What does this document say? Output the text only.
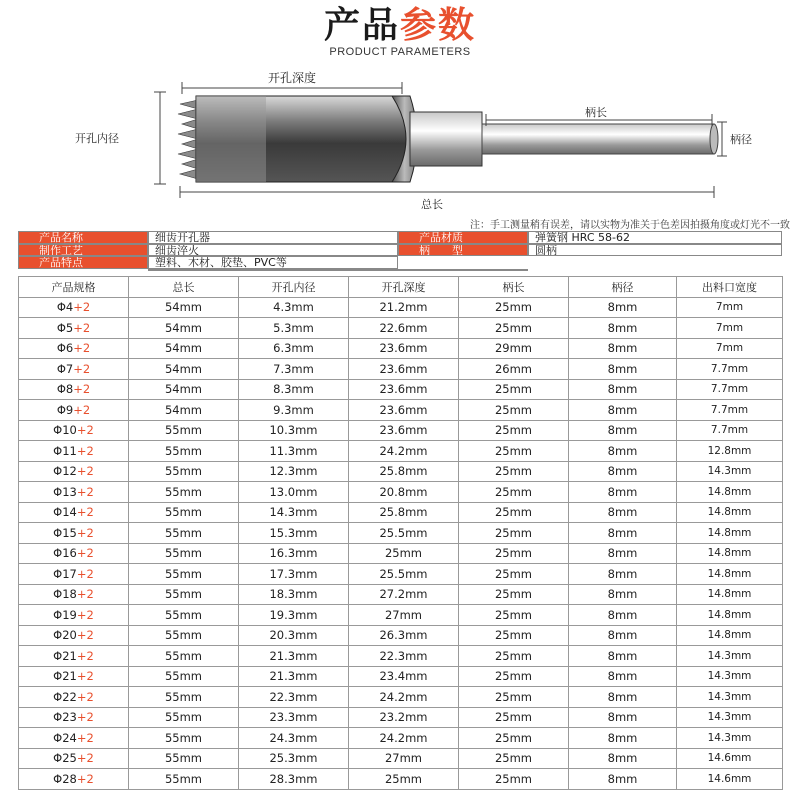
产品参数
PRODUCT PARAMETERS
开孔深度
开孔内径
柄长
柄径
总长
注：手工测量稍有误差，请以实物为准关于色差因拍摄角度或灯光不一致
产品名称	细齿开孔器	产品材质	弹簧钢 HRC 58-62
制作工艺	细齿淬火	柄　　型	圆柄
产品特点	塑料、木材、胶垫、PVC等
产品规格	总长	开孔内径	开孔深度	柄长	柄径	出料口宽度
Φ4+2	54mm	4.3mm	21.2mm	25mm	8mm	7mm
Φ5+2	54mm	5.3mm	22.6mm	25mm	8mm	7mm
Φ6+2	54mm	6.3mm	23.6mm	29mm	8mm	7mm
Φ7+2	54mm	7.3mm	23.6mm	26mm	8mm	7.7mm
Φ8+2	54mm	8.3mm	23.6mm	25mm	8mm	7.7mm
Φ9+2	54mm	9.3mm	23.6mm	25mm	8mm	7.7mm
Φ10+2	55mm	10.3mm	23.6mm	25mm	8mm	7.7mm
Φ11+2	55mm	11.3mm	24.2mm	25mm	8mm	12.8mm
Φ12+2	55mm	12.3mm	25.8mm	25mm	8mm	14.3mm
Φ13+2	55mm	13.0mm	20.8mm	25mm	8mm	14.8mm
Φ14+2	55mm	14.3mm	25.8mm	25mm	8mm	14.8mm
Φ15+2	55mm	15.3mm	25.5mm	25mm	8mm	14.8mm
Φ16+2	55mm	16.3mm	25mm	25mm	8mm	14.8mm
Φ17+2	55mm	17.3mm	25.5mm	25mm	8mm	14.8mm
Φ18+2	55mm	18.3mm	27.2mm	25mm	8mm	14.8mm
Φ19+2	55mm	19.3mm	27mm	25mm	8mm	14.8mm
Φ20+2	55mm	20.3mm	26.3mm	25mm	8mm	14.8mm
Φ21+2	55mm	21.3mm	22.3mm	25mm	8mm	14.3mm
Φ21+2	55mm	21.3mm	23.4mm	25mm	8mm	14.3mm
Φ22+2	55mm	22.3mm	24.2mm	25mm	8mm	14.3mm
Φ23+2	55mm	23.3mm	23.2mm	25mm	8mm	14.3mm
Φ24+2	55mm	24.3mm	24.2mm	25mm	8mm	14.3mm
Φ25+2	55mm	25.3mm	27mm	25mm	8mm	14.6mm
Φ28+2	55mm	28.3mm	25mm	25mm	8mm	14.6mm
